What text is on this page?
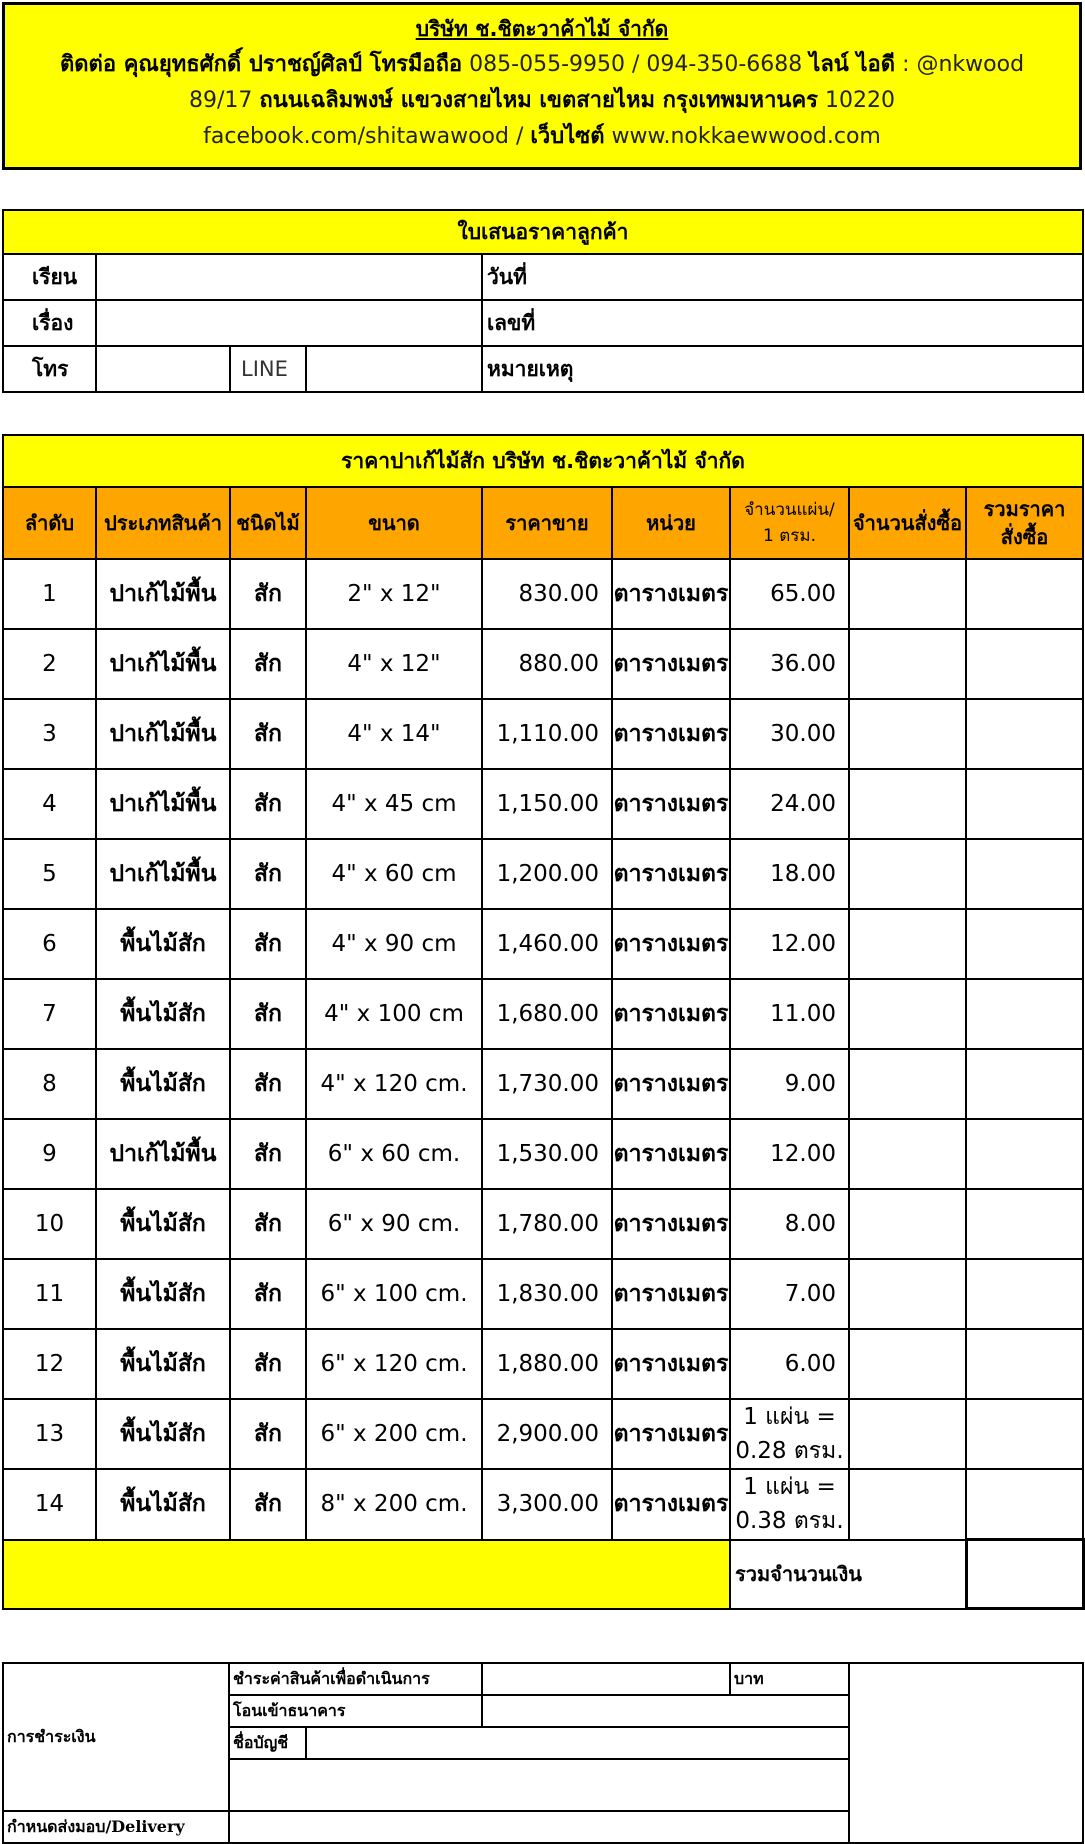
บริษัท ช.ชิตะวาค้าไม้ จำกัด
ติดต่อ คุณยุทธศักดิ์ ปราชญ์ศิลป์ โทรมือถือ 085-055-9950 / 094-350-6688 ไลน์ ไอดี : @nkwood
89/17 ถนนเฉลิมพงษ์ แขวงสายไหม เขตสายไหม กรุงเทพมหานคร 10220
facebook.com/shitawawood / เว็บไซต์ www.nokkaewwood.com
ใบเสนอราคาลูกค้า				
เรียน				วันที่
เรื่อง				เลขที่
โทร		LINE		หมายเหตุ
ราคาปาเก้ไม้สัก บริษัท ช.ชิตะวาค้าไม้ จำกัด								
ลำดับ	ประเภทสินค้า	ชนิดไม้	ขนาด	ราคาขาย	หน่วย	จำนวนแผ่น/
1 ตรม.	จำนวนสั่งซื้อ	รวมราคา
สั่งซื้อ
1	ปาเก้ไม้พื้น	สัก	2" x 12"	830.00	ตารางเมตร	65.00		
2	ปาเก้ไม้พื้น	สัก	4" x 12"	880.00	ตารางเมตร	36.00		
3	ปาเก้ไม้พื้น	สัก	4" x 14"	1,110.00	ตารางเมตร	30.00		
4	ปาเก้ไม้พื้น	สัก	4" x 45 cm	1,150.00	ตารางเมตร	24.00		
5	ปาเก้ไม้พื้น	สัก	4" x 60 cm	1,200.00	ตารางเมตร	18.00		
6	พื้นไม้สัก	สัก	4" x 90 cm	1,460.00	ตารางเมตร	12.00		
7	พื้นไม้สัก	สัก	4" x 100 cm	1,680.00	ตารางเมตร	11.00		
8	พื้นไม้สัก	สัก	4" x 120 cm.	1,730.00	ตารางเมตร	9.00		
9	ปาเก้ไม้พื้น	สัก	6" x 60 cm.	1,530.00	ตารางเมตร	12.00		
10	พื้นไม้สัก	สัก	6" x 90 cm.	1,780.00	ตารางเมตร	8.00		
11	พื้นไม้สัก	สัก	6" x 100 cm.	1,830.00	ตารางเมตร	7.00		
12	พื้นไม้สัก	สัก	6" x 120 cm.	1,880.00	ตารางเมตร	6.00		
13	พื้นไม้สัก	สัก	6" x 200 cm.	2,900.00	ตารางเมตร	1 แผ่น =
0.28 ตรม.		

14	พื้นไม้สัก	สัก	8" x 200 cm.	3,300.00	ตารางเมตร	1 แผ่น =
0.38 ตรม.		

						รวมจำนวนเงิน		
การชำระเงิน	ชำระค่าสินค้าเพื่อดำเนินการ			บาท	
	โอนเข้าธนาคาร				
	ชื่อบัญชี				

กำหนดส่งมอบ/Delivery					
